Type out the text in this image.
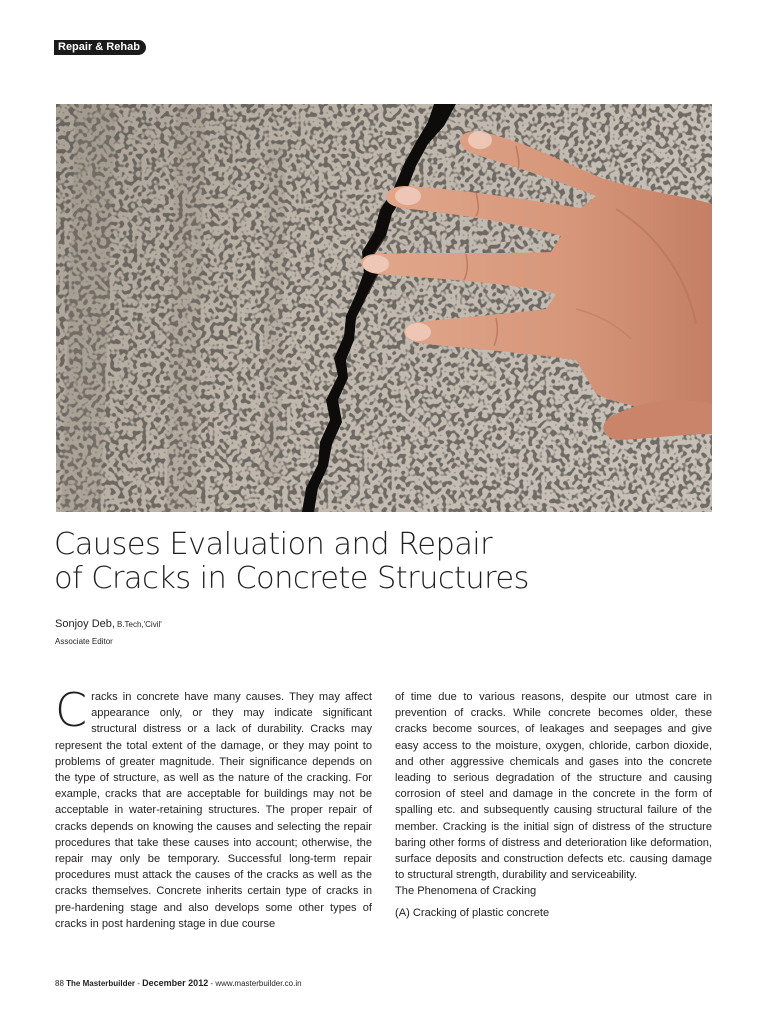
Repair & Rehab
Causes Evaluation and Repair
of Cracks in Concrete Structures
Sonjoy Deb, B.Tech,'Civil'
Associate Editor

Cracks in concrete have many causes. They may affect appearance only, or they may indicate significant structural distress or a lack of durability. Cracks may represent the total extent of the damage, or they may point to problems of greater magnitude. Their significance depends on the type of structure, as well as the nature of the cracking. For example, cracks that are acceptable for buildings may not be acceptable in water-retaining structures. The proper repair of cracks depends on knowing the causes and selecting the repair procedures that take these causes into account; otherwise, the repair may only be temporary. Successful long-term repair procedures must attack the causes of the cracks as well as the cracks themselves. Concrete inherits certain type of cracks in pre-hardening stage and also develops some other types of cracks in post hardening stage in due course

of time due to various reasons, despite our utmost care in prevention of cracks. While concrete becomes older, these cracks become sources, of leakages and seepages and give easy access to the moisture, oxygen, chloride, carbon dioxide, and other aggressive chemicals and gases into the concrete leading to serious degradation of the structure and causing corrosion of steel and damage in the concrete in the form of spalling etc. and subsequently causing structural failure of the member. Cracking is the initial sign of distress of the structure baring other forms of distress and deterioration like deformation, surface deposits and construction defects etc. causing damage to structural strength, durability and serviceability.

The Phenomena of Cracking

(A) Cracking of plastic concrete

88 The Masterbuilder - December 2012 - www.masterbuilder.co.in
